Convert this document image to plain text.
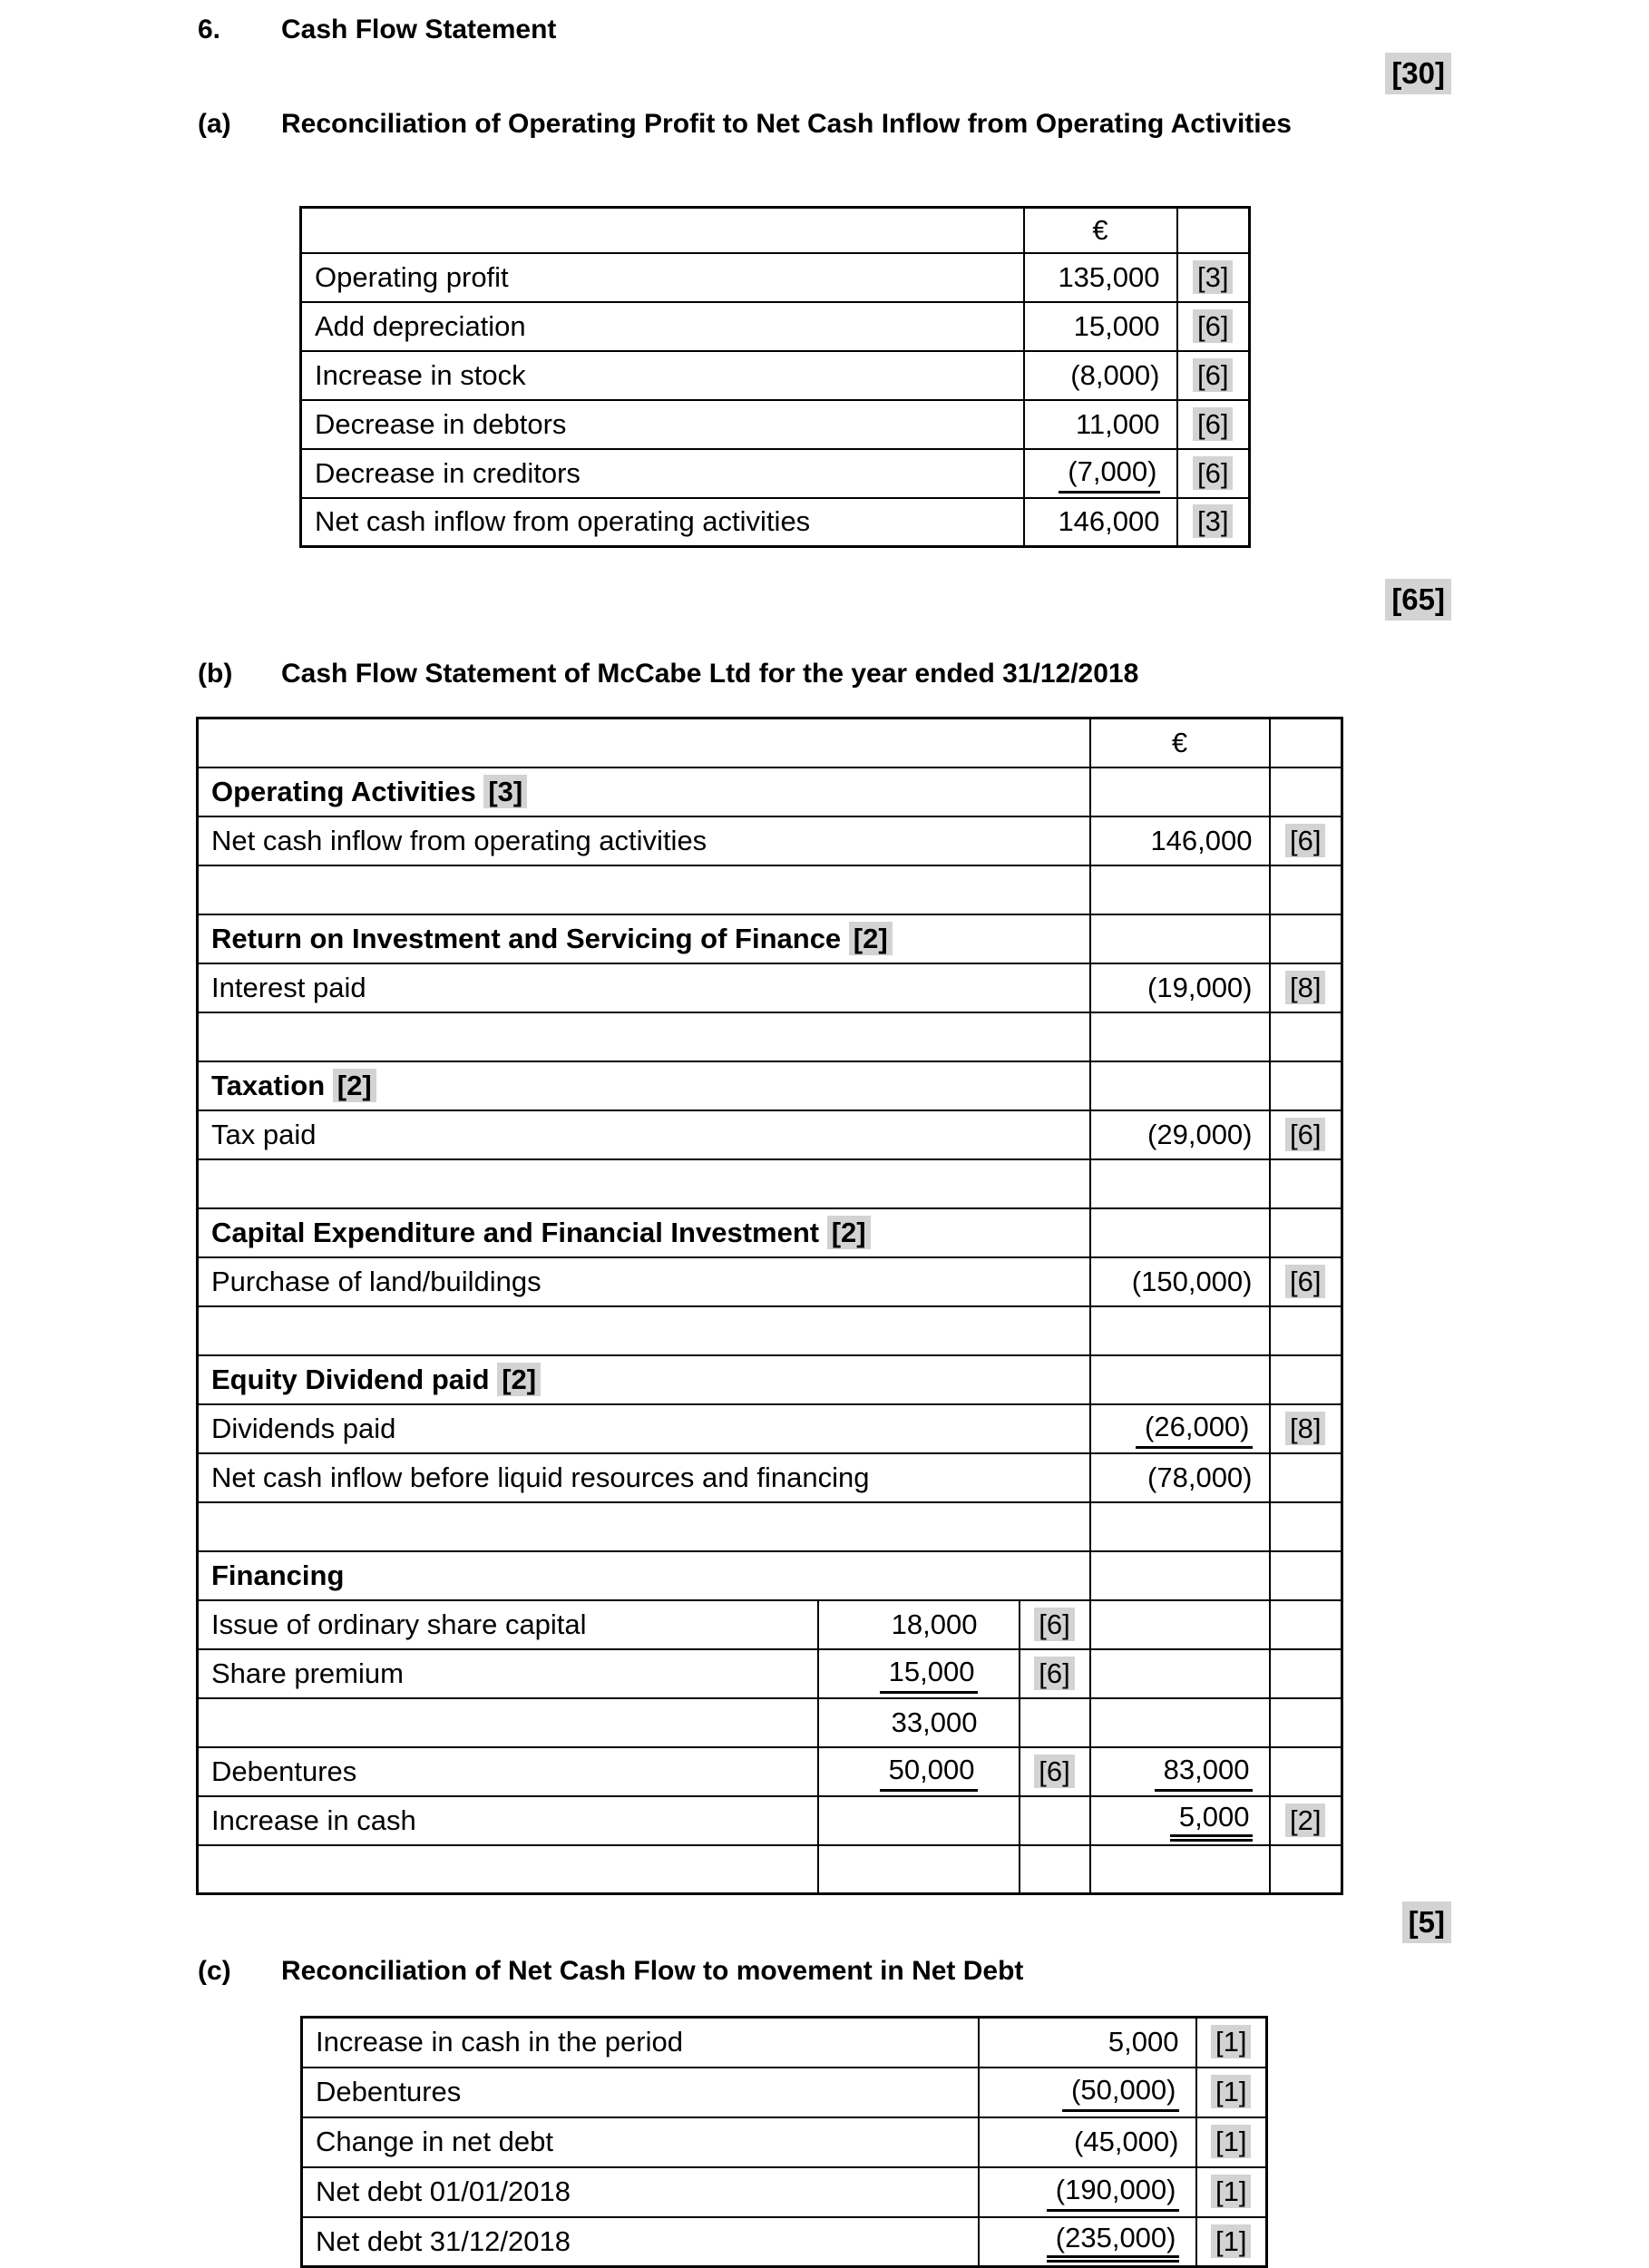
6. Cash Flow Statement
[30]
(a) Reconciliation of Operating Profit to Net Cash Inflow from Operating Activities
	€	
Operating profit	135,000	[3]
Add depreciation	15,000	[6]
Increase in stock	(8,000)	[6]
Decrease in debtors	11,000	[6]
Decrease in creditors	(7,000)	[6]
Net cash inflow from operating activities	146,000	[3]
[65]
(b) Cash Flow Statement of McCabe Ltd for the year ended 31/12/2018
			€	
Operating Activities [3]				
Net cash inflow from operating activities			146,000	[6]

Return on Investment and Servicing of Finance [2]				
Interest paid			(19,000)	[8]

Taxation [2]				
Tax paid			(29,000)	[6]

Capital Expenditure and Financial Investment [2]				
Purchase of land/buildings			(150,000)	[6]

Equity Dividend paid [2]				
Dividends paid			(26,000)	[8]
Net cash inflow before liquid resources and financing			(78,000)	

Financing				
Issue of ordinary share capital	18,000	[6]		
Share premium	15,000	[6]		
	33,000			
Debentures	50,000	[6]	83,000	
Increase in cash			5,000	[2]

[5]
(c) Reconciliation of Net Cash Flow to movement in Net Debt
Increase in cash in the period	5,000	[1]
Debentures	(50,000)	[1]
Change in net debt	(45,000)	[1]
Net debt 01/01/2018	(190,000)	[1]
Net debt 31/12/2018	(235,000)	[1]
